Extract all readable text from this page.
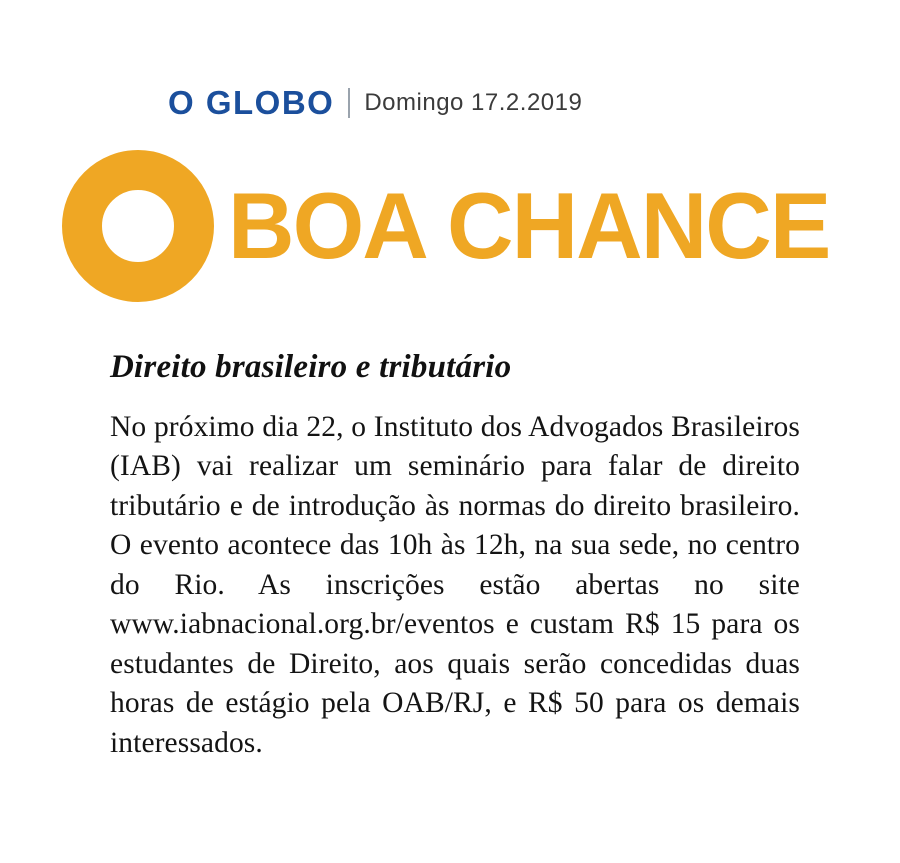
O GLOBO Domingo 17.2.2019
BOA CHANCE
Direito brasileiro e tributário

No próximo dia 22, o Instituto dos Advogados Brasileiros (IAB) vai realizar um seminário para falar de direito tributário e de introdução às normas do direito brasileiro. O evento acontece das 10h às 12h, na sua sede, no centro do Rio. As inscrições estão abertas no site www.iabnacional.org.br/eventos e custam R$ 15 para os estudantes de Direito, aos quais serão concedidas duas horas de estágio pela OAB/RJ, e R$ 50 para os demais interessados.
